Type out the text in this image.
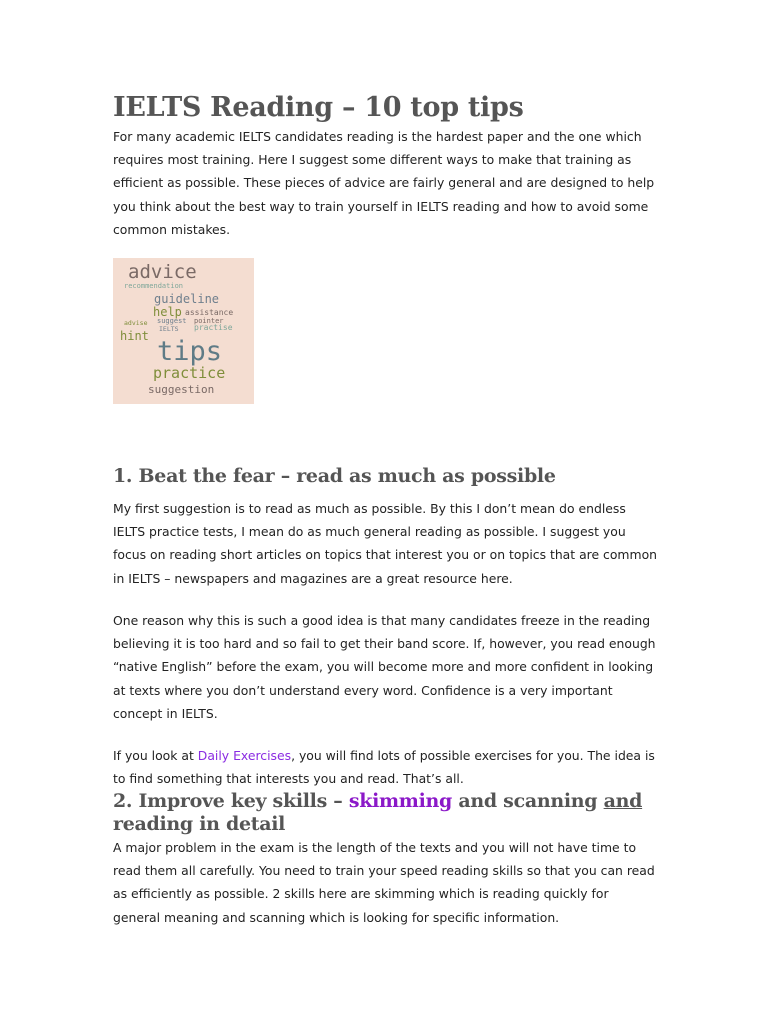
IELTS Reading – 10 top tips

For many academic IELTS candidates reading is the hardest paper and the one which requires most training. Here I suggest some different ways to make that training as efficient as possible. These pieces of advice are fairly general and are designed to help you think about the best way to train yourself in IELTS reading and how to avoid some common mistakes.

advice
recommendation
guideline
help assistance
advise suggest pointer
IELTS practise
hint tips
practice
suggestion
1. Beat the fear – read as much as possible

My first suggestion is to read as much as possible. By this I don’t mean do endless IELTS practice tests, I mean do as much general reading as possible. I suggest you focus on reading short articles on topics that interest you or on topics that are common in IELTS – newspapers and magazines are a great resource here.

One reason why this is such a good idea is that many candidates freeze in the reading believing it is too hard and so fail to get their band score. If, however, you read enough “native English” before the exam, you will become more and more confident in looking at texts where you don’t understand every word. Confidence is a very important concept in IELTS.

If you look at Daily Exercises, you will find lots of possible exercises for you. The idea is to find something that interests you and read. That’s all.

2. Improve key skills – skimming and scanning and
reading in detail

A major problem in the exam is the length of the texts and you will not have time to read them all carefully. You need to train your speed reading skills so that you can read as efficiently as possible. 2 skills here are skimming which is reading quickly for general meaning and scanning which is looking for specific information.
